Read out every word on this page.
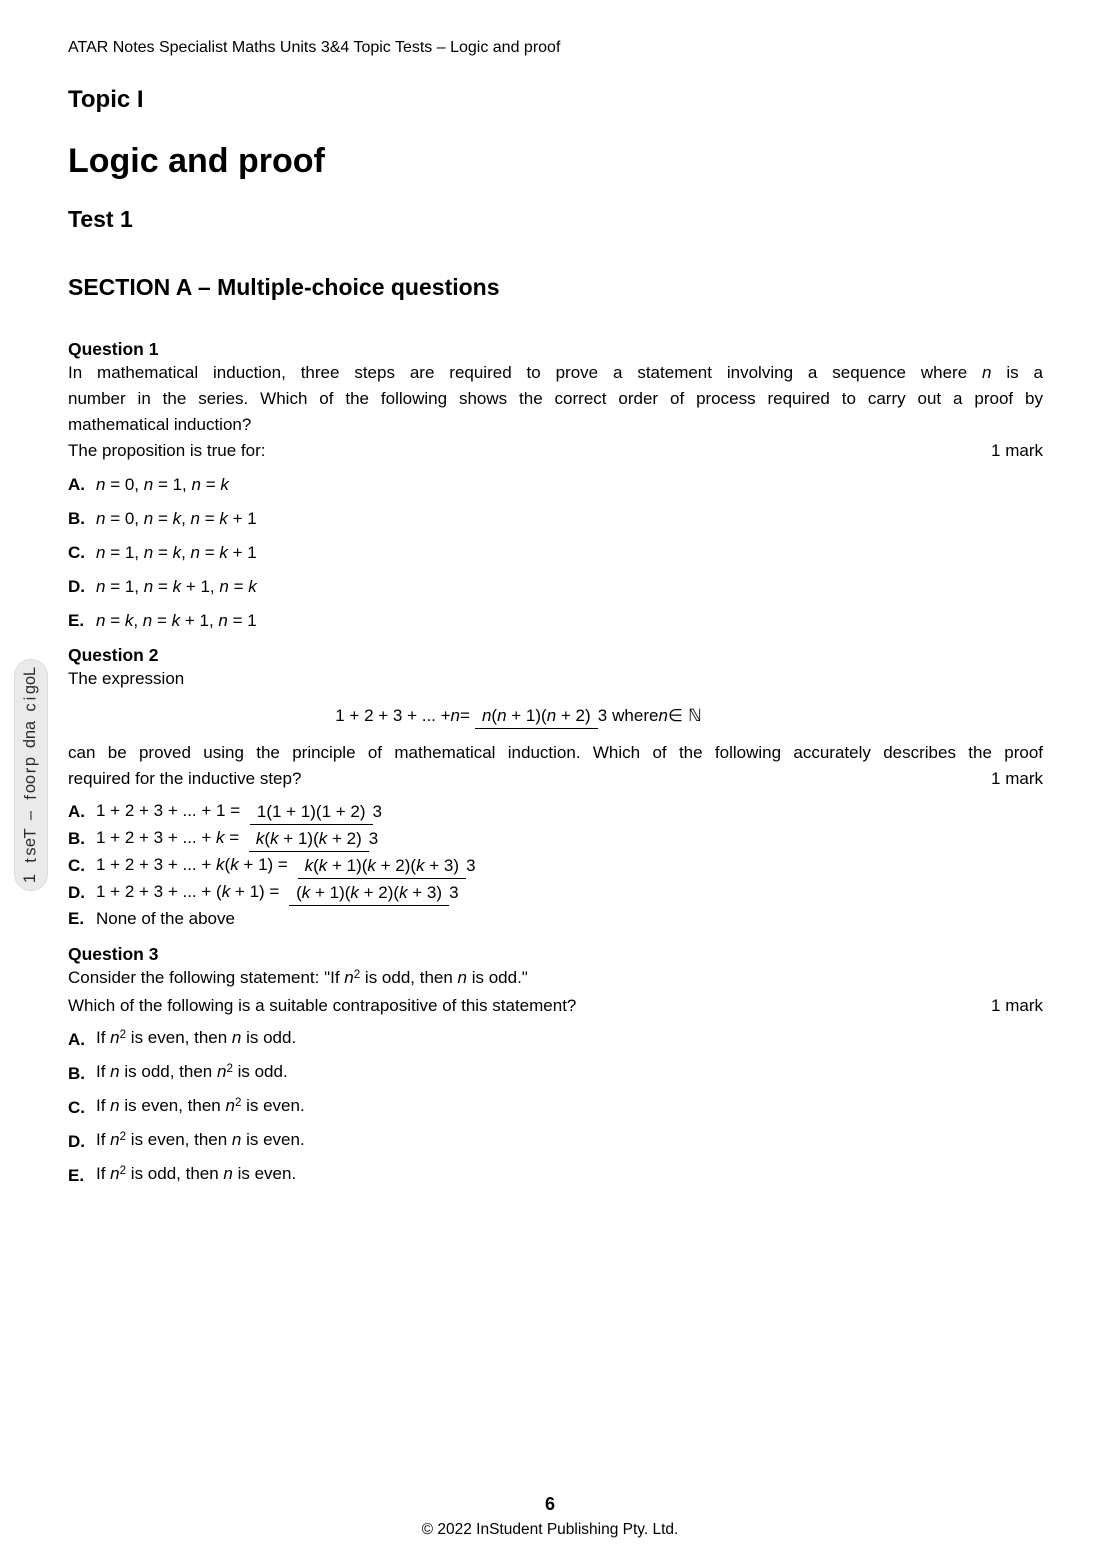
ATAR Notes Specialist Maths Units 3&4 Topic Tests – Logic and proof
Topic I
Logic and proof
Test 1
SECTION A – Multiple-choice questions
Question 1
In mathematical induction, three steps are required to prove a statement involving a sequence where n is a
number in the series. Which of the following shows the correct order of process required to carry out a proof by
mathematical induction?
The proposition is true for:	1 mark
A. n = 0, n = 1, n = k
B. n = 0, n = k, n = k + 1
C. n = 1, n = k, n = k + 1
D. n = 1, n = k + 1, n = k
E. n = k, n = k + 1, n = 1
Question 2
The expression
1 + 2 + 3 + ... + n = n(n + 1)(n + 2) 3 where n ∈ ℕ
can be proved using the principle of mathematical induction. Which of the following accurately describes the proof
required for the inductive step?	1 mark
A. 1 + 2 + 3 + ... + 1 = 1(1 + 1)(1 + 2) 3
B. 1 + 2 + 3 + ... + k = k(k + 1)(k + 2) 3
C. 1 + 2 + 3 + ... + k(k + 1) = k(k + 1)(k + 2)(k + 3) 3
D. 1 + 2 + 3 + ... + (k + 1) = (k + 1)(k + 2)(k + 3) 3
E. None of the above
Question 3
Consider the following statement: "If $n^2$ is odd, then n is odd."
Which of the following is a suitable contrapositive of this statement?	1 mark
A. If $n^2$ is even, then n is odd.
B. If n is odd, then $n^2$ is odd.
C. If n is even, then $n^2$ is even.
D. If $n^2$ is even, then n is even.
E. If $n^2$ is odd, then n is even.
L
o
g
i
c

a
n
d

p
r
o
o
f

–

T
e
s
t

1
6
© 2022 InStudent Publishing Pty. Ltd.
